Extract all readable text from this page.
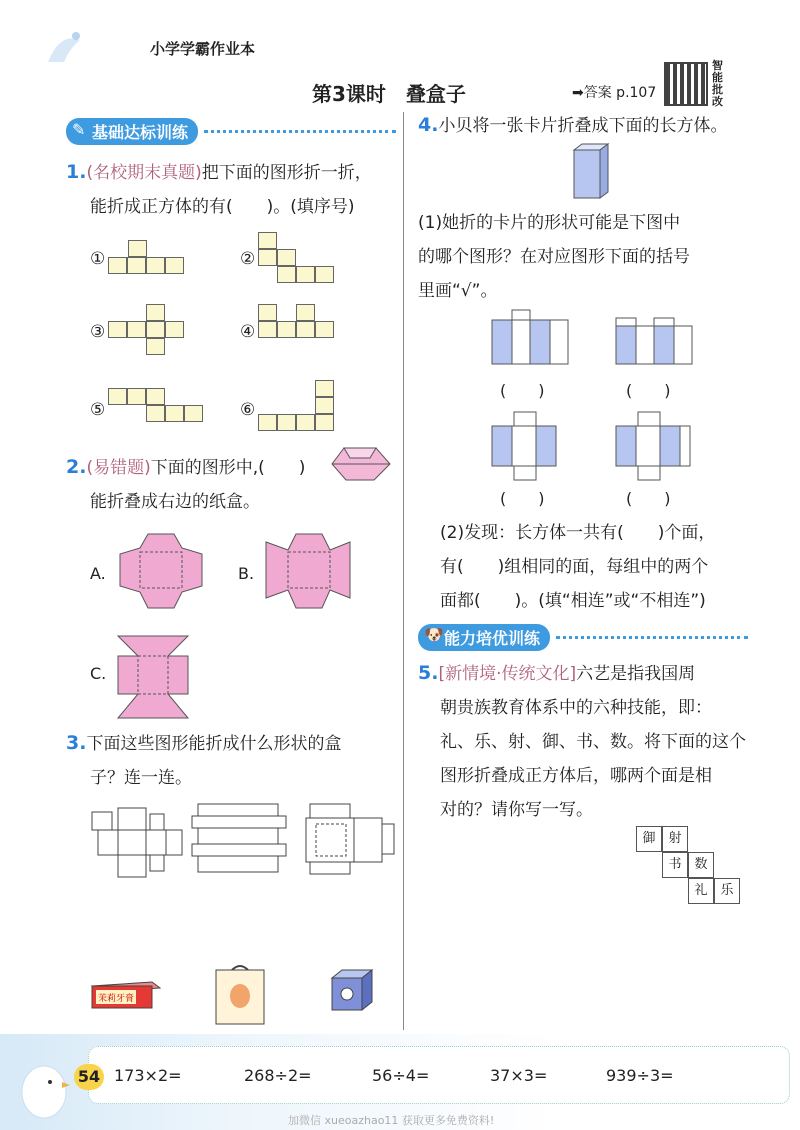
小学学霸作业本
第3课时　叠盒子	➡答案 p.107
智能批改
✎ 基础达标训练
1.(名校期末真题)把下面的图形折一折，
能折成正方体的有(　　)。(填序号)
①	②
③	④
⑤	⑥
2.(易错题)下面的图形中,(　　)
能折叠成右边的纸盒。
A.	B.
C.
3.下面这些图形能折成什么形状的盒
子？连一连。
茉莉牙膏
4.小贝将一张卡片折叠成下面的长方体。
(1)她折的卡片的形状可能是下图中
的哪个图形？在对应图形下面的括号
里画“√”。
(　　)	(　　)
(　　)	(　　)
(2)发现：长方体一共有(　　)个面，
有(　　)组相同的面，每组中的两个
面都(　　)。(填“相连”或“不相连”)
🐶 能力培优训练
5.[新情境·传统文化]六艺是指我国周
朝贵族教育体系中的六种技能，即：
礼、乐、射、御、书、数。将下面的这个
图形折叠成正方体后，哪两个面是相
对的？请你写一写。
御 射
书 数
礼 乐
54 173×2=	268÷2=	56÷4=	37×3=	939÷3=
加微信 xueoazhao11 获取更多免费资料!
